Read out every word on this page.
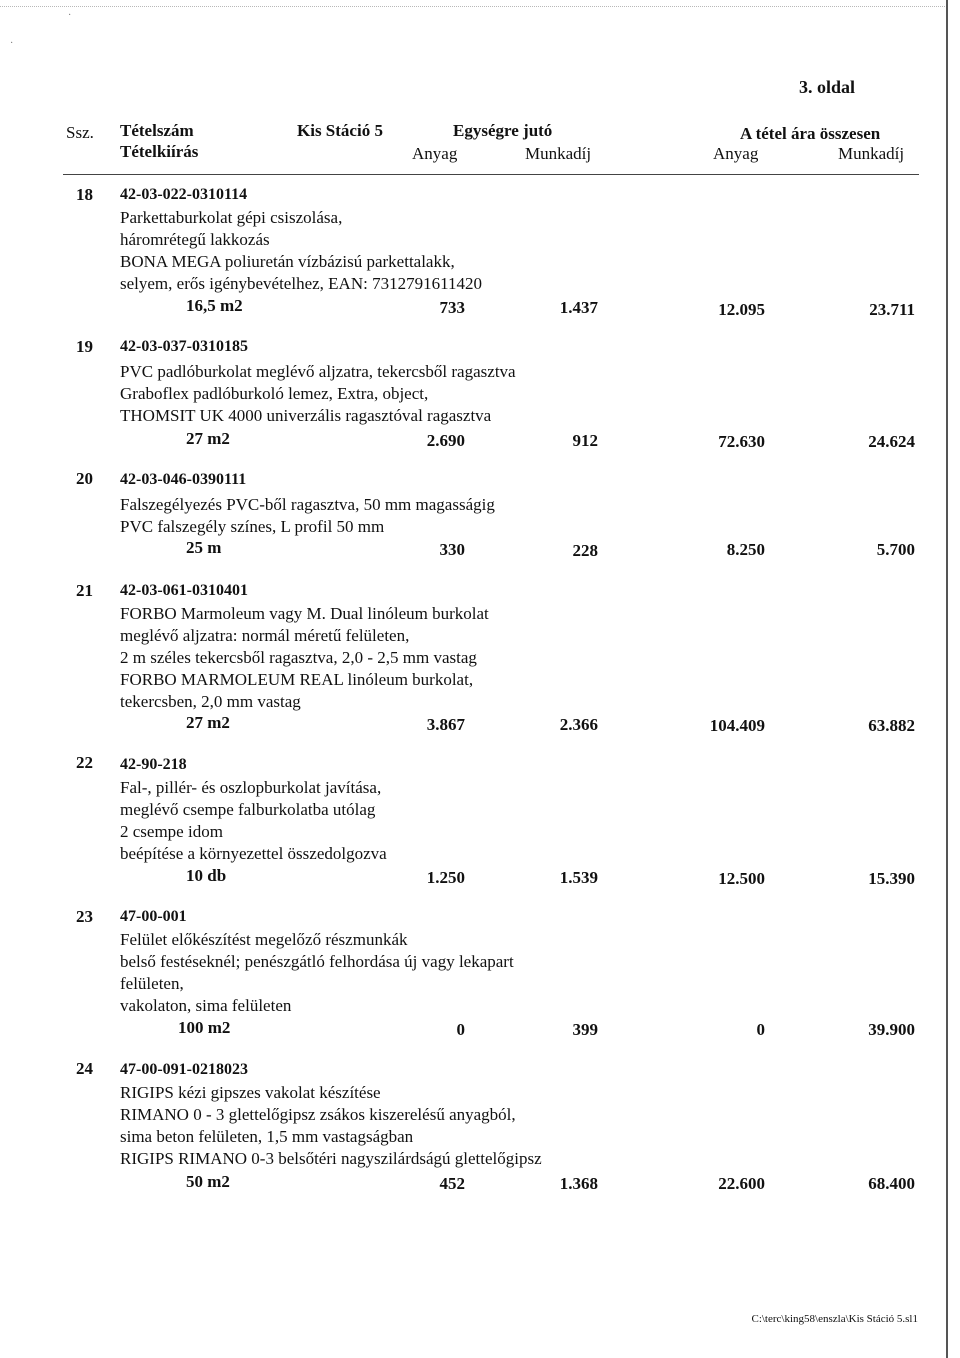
·
·
3. oldal
Ssz. Tételszám
Tételkiírás
Kis Stáció 5	Egységre jutó
Anyag	Munkadíj
A tétel ára összesen
Anyag	Munkadíj
18	42-03-022-0310114
Parkettaburkolat gépi csiszolása,
háromrétegű lakkozás
BONA MEGA poliuretán vízbázisú parkettalakk,
selyem, erős igénybevételhez, EAN: 7312791611420
16,5 m2	733	1.437	12.095	23.711
19	42-03-037-0310185
PVC padlóburkolat meglévő aljzatra, tekercsből ragasztva
Graboflex padlóburkoló lemez, Extra, object,
THOMSIT UK 4000 univerzális ragasztóval ragasztva
27 m2	2.690	912	72.630	24.624
20	42-03-046-0390111
Falszegélyezés PVC-ből ragasztva, 50 mm magasságig
PVC falszegély színes, L profil 50 mm
25 m	330	228	8.250	5.700
21	42-03-061-0310401
FORBO Marmoleum vagy M. Dual linóleum burkolat
meglévő aljzatra: normál méretű felületen,
2 m széles tekercsből ragasztva, 2,0 - 2,5 mm vastag
FORBO MARMOLEUM REAL linóleum burkolat,
tekercsben, 2,0 mm vastag
27 m2	3.867	2.366	104.409	63.882
22	42-90-218
Fal-, pillér- és oszlopburkolat javítása,
meglévő csempe falburkolatba utólag
2 csempe idom
beépítése a környezettel összedolgozva
10 db	1.250	1.539	12.500	15.390
23	47-00-001
Felület előkészítést megelőző részmunkák
belső festéseknél; penészgátló felhordása új vagy lekapart
felületen,
vakolaton, sima felületen
100 m2	0	399	0	39.900
24	47-00-091-0218023
RIGIPS kézi gipszes vakolat készítése
RIMANO 0 - 3 glettelőgipsz zsákos kiszerelésű anyagból,
sima beton felületen, 1,5 mm vastagságban
RIGIPS RIMANO 0-3 belsőtéri nagyszilárdságú glettelőgipsz
50 m2	452	1.368	22.600	68.400
C:\terc\king58\enszla\Kis Stáció 5.sl1
